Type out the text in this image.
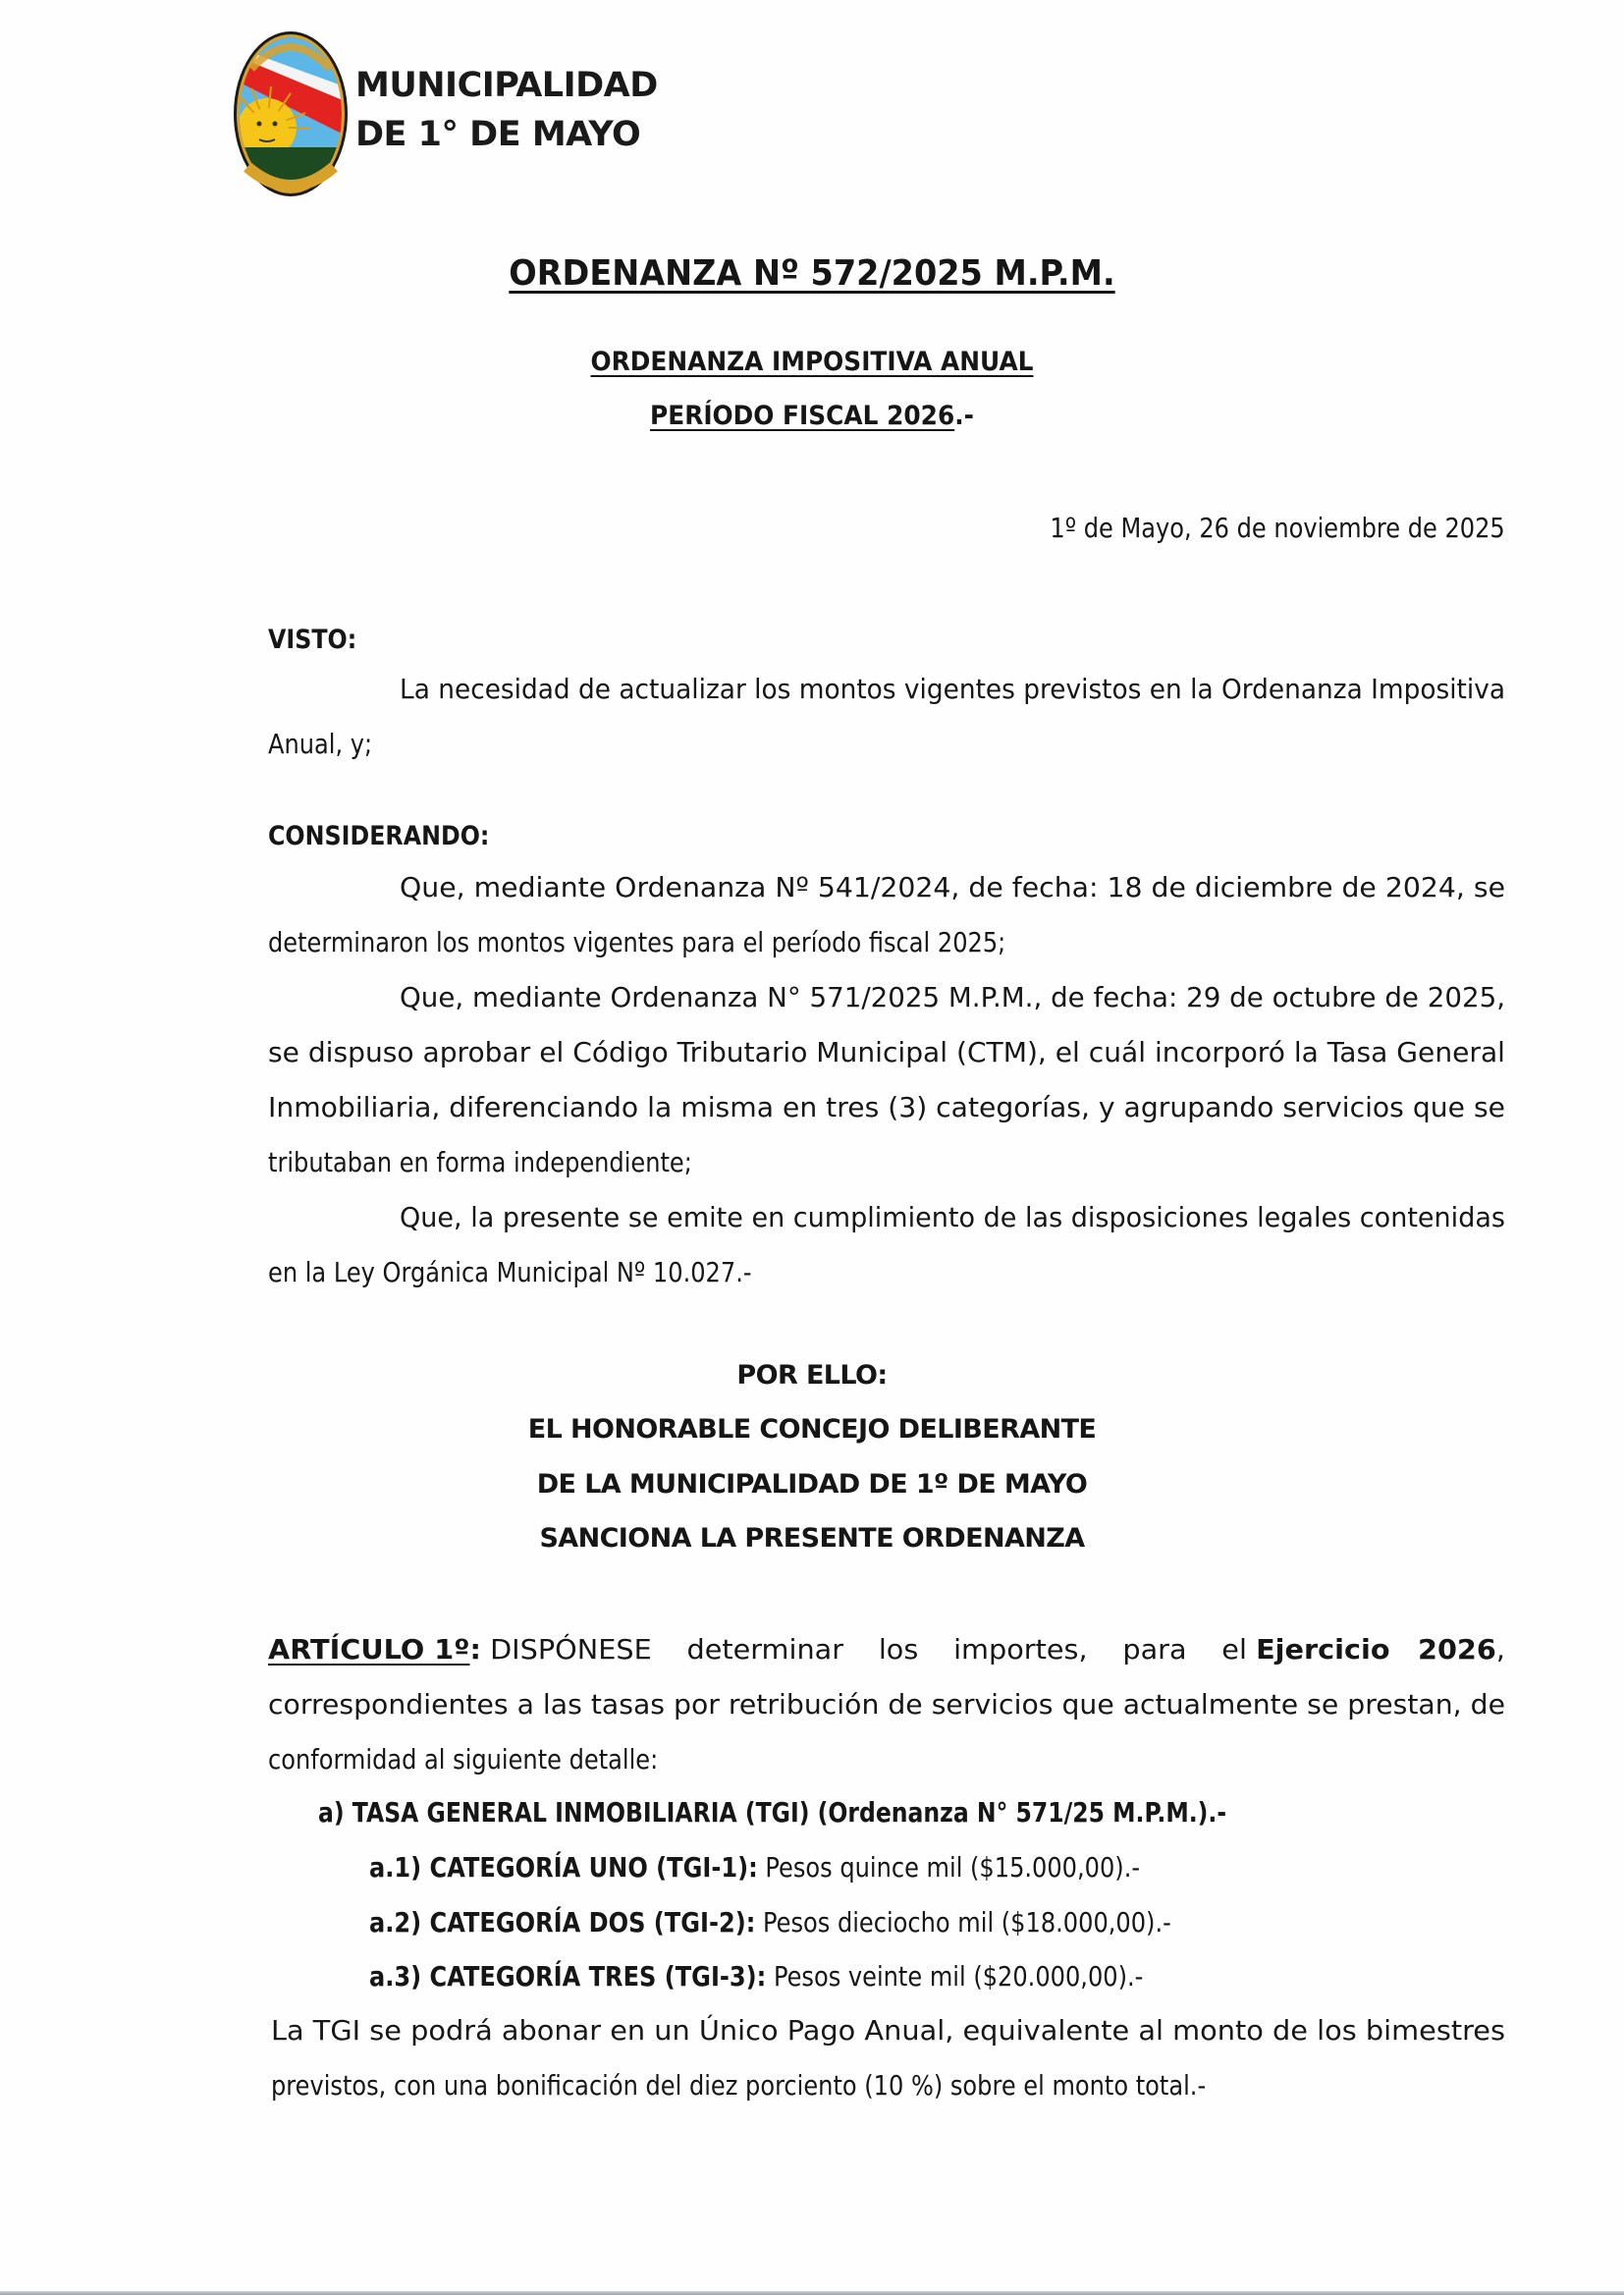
MUNICIPALIDAD
DE 1° DE MAYO
ORDENANZA Nº 572/2025 M.P.M.
ORDENANZA IMPOSITIVA ANUAL
PERÍODO FISCAL 2026.-
1º de Mayo, 26 de noviembre de 2025
VISTO:
La necesidad de actualizar los montos vigentes previstos en la Ordenanza Impositiva
Anual, y;
CONSIDERANDO:
Que, mediante Ordenanza Nº 541/2024, de fecha: 18 de diciembre de 2024, se
determinaron los montos vigentes para el período fiscal 2025;
Que, mediante Ordenanza N° 571/2025 M.P.M., de fecha: 29 de octubre de 2025,
se dispuso aprobar el Código Tributario Municipal (CTM), el cuál incorporó la Tasa General
Inmobiliaria, diferenciando la misma en tres (3) categorías, y agrupando servicios que se
tributaban en forma independiente;
Que, la presente se emite en cumplimiento de las disposiciones legales contenidas
en la Ley Orgánica Municipal Nº 10.027.-
POR ELLO:
EL HONORABLE CONCEJO DELIBERANTE
DE LA MUNICIPALIDAD DE 1º DE MAYO
SANCIONA LA PRESENTE ORDENANZA
ARTÍCULO 1º: DISPÓNESE determinar los importes, para el Ejercicio 2026,
correspondientes a las tasas por retribución de servicios que actualmente se prestan, de
conformidad al siguiente detalle:
a) TASA GENERAL INMOBILIARIA (TGI) (Ordenanza N° 571/25 M.P.M.).-
a.1) CATEGORÍA UNO (TGI-1): Pesos quince mil ($15.000,00).-
a.2) CATEGORÍA DOS (TGI-2): Pesos dieciocho mil ($18.000,00).-
a.3) CATEGORÍA TRES (TGI-3): Pesos veinte mil ($20.000,00).-
La TGI se podrá abonar en un Único Pago Anual, equivalente al monto de los bimestres
previstos, con una bonificación del diez porciento (10 %) sobre el monto total.-
